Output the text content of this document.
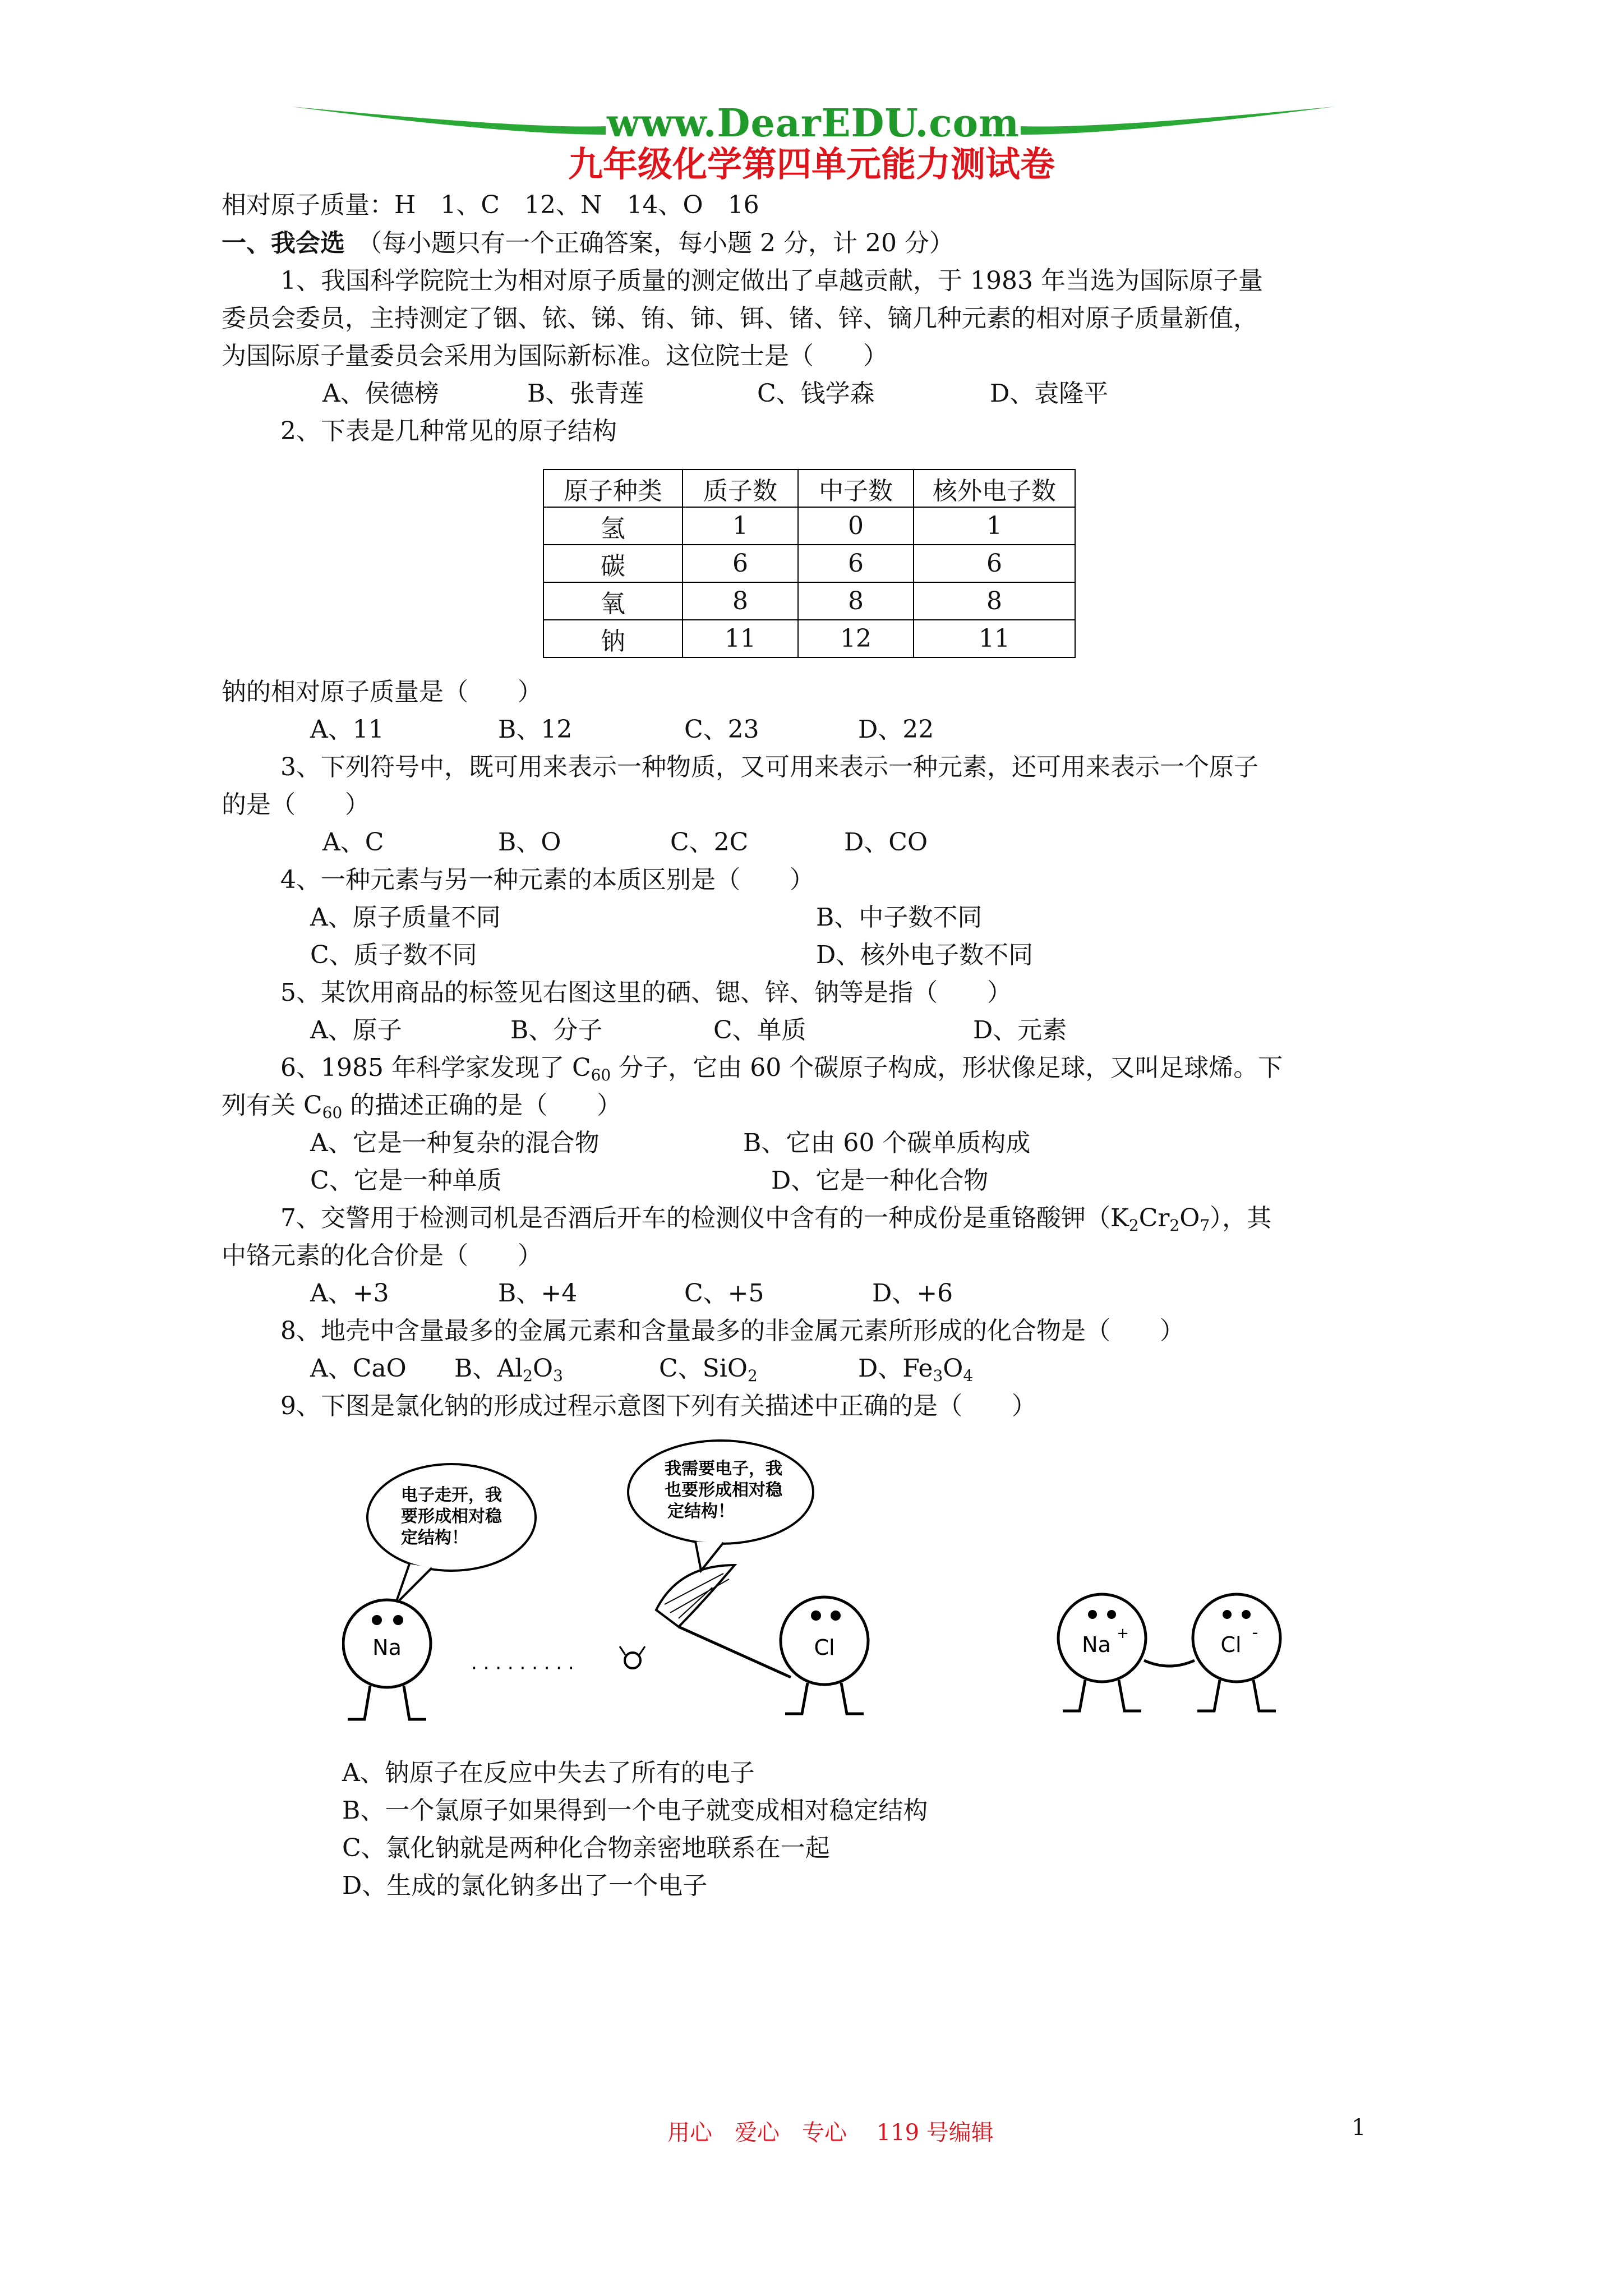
www.DearEDU.com
九年级化学第四单元能力测试卷
相对原子质量：H　1、C　12、N　14、O　16
一、我会选　（每小题只有一个正确答案，每小题 2 分，计 20 分）
1、我国科学院院士为相对原子质量的测定做出了卓越贡献，于 1983 年当选为国际原子量
委员会委员，主持测定了铟、铱、锑、铕、铈、铒、锗、锌、镝几种元素的相对原子质量新值，
为国际原子量委员会采用为国际新标准。这位院士是（　　）
A、侯德榜	B、张青莲	C、钱学森	D、袁隆平
2、下表是几种常见的原子结构
原子种类	质子数	中子数	核外电子数
氢	1	0	1
碳	6	6	6
氧	8	8	8
钠	11	12	11
钠的相对原子质量是（　　）
A、11	B、12	C、23	D、22
3、下列符号中，既可用来表示一种物质，又可用来表示一种元素，还可用来表示一个原子
的是（　　）
A、C	B、O	C、2C	D、CO
4、一种元素与另一种元素的本质区别是（　　）
A、原子质量不同	B、中子数不同
C、质子数不同	D、核外电子数不同
5、某饮用商品的标签见右图这里的硒、锶、锌、钠等是指（　　）
A、原子	B、分子	C、单质	D、元素
6、1985 年科学家发现了 $C_{60}$ 分子，它由 60 个碳原子构成，形状像足球，又叫足球烯。下
列有关 $C_{60}$ 的描述正确的是（　　）
A、它是一种复杂的混合物	B、它由 60 个碳单质构成
C、它是一种单质	D、它是一种化合物
7、交警用于检测司机是否酒后开车的检测仪中含有的一种成份是重铬酸钾$(K_2Cr_2O_7)$，其
中铬元素的化合价是（　　）
A、+3	B、+4	C、+5	D、+6
8、地壳中含量最多的金属元素和含量最多的非金属元素所形成的化合物是（　　）
A、CaO B、$Al_2O_3$	C、SiO$_2$	D、$Fe_3O_4$
9、下图是氯化钠的形成过程示意图下列有关描述中正确的是（　　）
电子走开，我
要形成相对稳
定结构！
Na
· · · · · · · · ·
我需要电子，我
也要形成相对稳
定结构！
Cl	Na +	Cl -
A、钠原子在反应中失去了所有的电子
B、一个氯原子如果得到一个电子就变成相对稳定结构
C、氯化钠就是两种化合物亲密地联系在一起
D、生成的氯化钠多出了一个电子
用心　爱心　专心　 119 号编辑	1
